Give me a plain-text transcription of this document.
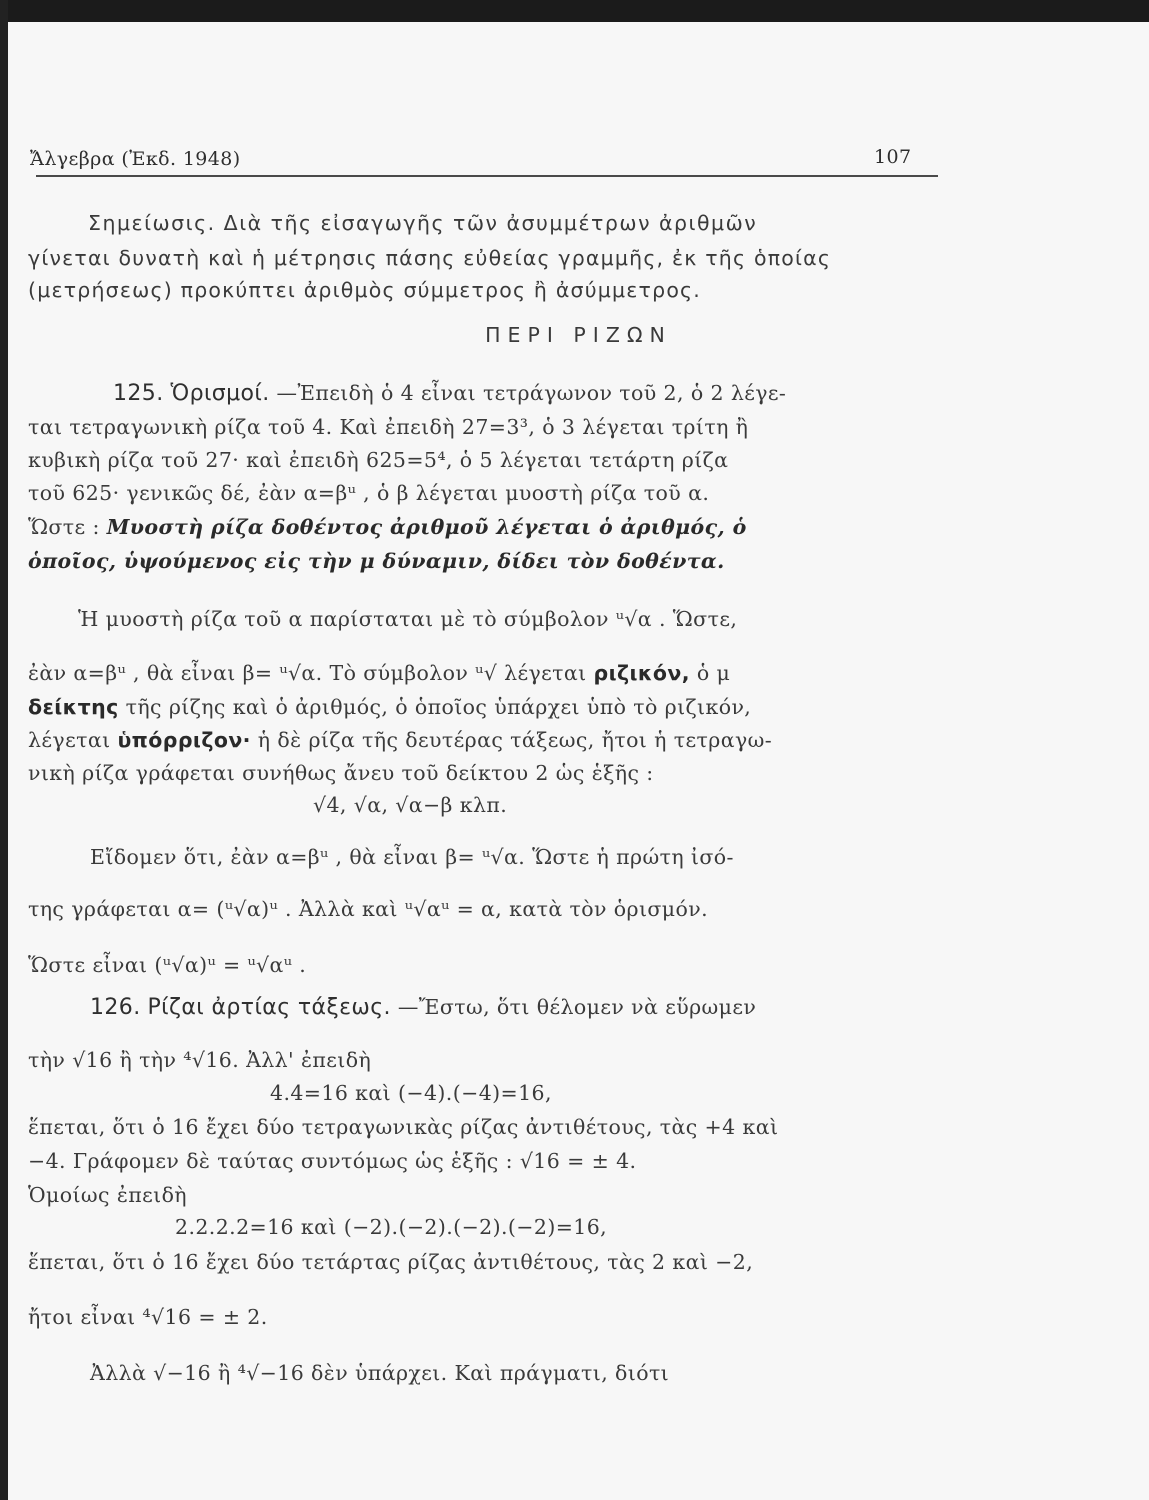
Ἄλγεβρα (Ἐκδ. 1948)	107
Σημείωσις. Διὰ τῆς εἰσαγωγῆς τῶν ἀσυμμέτρων ἀριθμῶν
γίνεται δυνατὴ καὶ ἡ μέτρησις πάσης εὐθείας γραμμῆς, ἐκ τῆς ὁποίας
(μετρήσεως) προκύπτει ἀριθμὸς σύμμετρος ἢ ἀσύμμετρος.
ΠΕΡΙ ΡΙΖΩΝ
125. Ὁρισμοί. —Ἐπειδὴ ὁ 4 εἶναι τετράγωνον τοῦ 2, ὁ 2 λέγε-
ται τετραγωνικὴ ρίζα τοῦ 4. Καὶ ἐπειδὴ 27=3³, ὁ 3 λέγεται τρίτη ἢ
κυβικὴ ρίζα τοῦ 27· καὶ ἐπειδὴ 625=5⁴, ὁ 5 λέγεται τετάρτη ρίζα
τοῦ 625· γενικῶς δέ, ἐὰν α=βᵘ , ὁ β λέγεται μυοστὴ ρίζα τοῦ α.
Ὥστε : Μυοστὴ ρίζα δοθέντος ἀριθμοῦ λέγεται ὁ ἀριθμός, ὁ
ὁποῖος, ὑψούμενος εἰς τὴν μ δύναμιν, δίδει τὸν δοθέντα.
Ἡ μυοστὴ ρίζα τοῦ α παρίσταται μὲ τὸ σύμβολον ᵘ√α . Ὥστε,
ἐὰν α=βᵘ , θὰ εἶναι β= ᵘ√α. Τὸ σύμβολον ᵘ√ λέγεται ριζικόν, ὁ μ
δείκτης τῆς ρίζης καὶ ὁ ἀριθμός, ὁ ὁποῖος ὑπάρχει ὑπὸ τὸ ριζικόν,
λέγεται ὑπόρριζον· ἡ δὲ ρίζα τῆς δευτέρας τάξεως, ἤτοι ἡ τετραγω-
νικὴ ρίζα γράφεται συνήθως ἄνευ τοῦ δείκτου 2 ὡς ἑξῆς :
√4, √α, √α−β κλπ.
Εἴδομεν ὅτι, ἐὰν α=βᵘ , θὰ εἶναι β= ᵘ√α. Ὥστε ἡ πρώτη ἰσό-
της γράφεται α= (ᵘ√α)ᵘ . Ἀλλὰ καὶ ᵘ√αᵘ = α, κατὰ τὸν ὁρισμόν.
Ὥστε εἶναι (ᵘ√α)ᵘ = ᵘ√αᵘ .
126. Ρίζαι ἀρτίας τάξεως. —Ἔστω, ὅτι θέλομεν νὰ εὕρωμεν
τὴν √16 ἢ τὴν ⁴√16. Ἀλλ' ἐπειδὴ
4.4=16 καὶ (−4).(−4)=16,
ἕπεται, ὅτι ὁ 16 ἔχει δύο τετραγωνικὰς ρίζας ἀντιθέτους, τὰς +4 καὶ
−4. Γράφομεν δὲ ταύτας συντόμως ὡς ἑξῆς : √16 = ± 4.
Ὁμοίως ἐπειδὴ
2.2.2.2=16 καὶ (−2).(−2).(−2).(−2)=16,
ἕπεται, ὅτι ὁ 16 ἔχει δύο τετάρτας ρίζας ἀντιθέτους, τὰς 2 καὶ −2,
ἤτοι εἶναι ⁴√16 = ± 2.
Ἀλλὰ √−16 ἢ ⁴√−16 δὲν ὑπάρχει. Καὶ πράγματι, διότι
